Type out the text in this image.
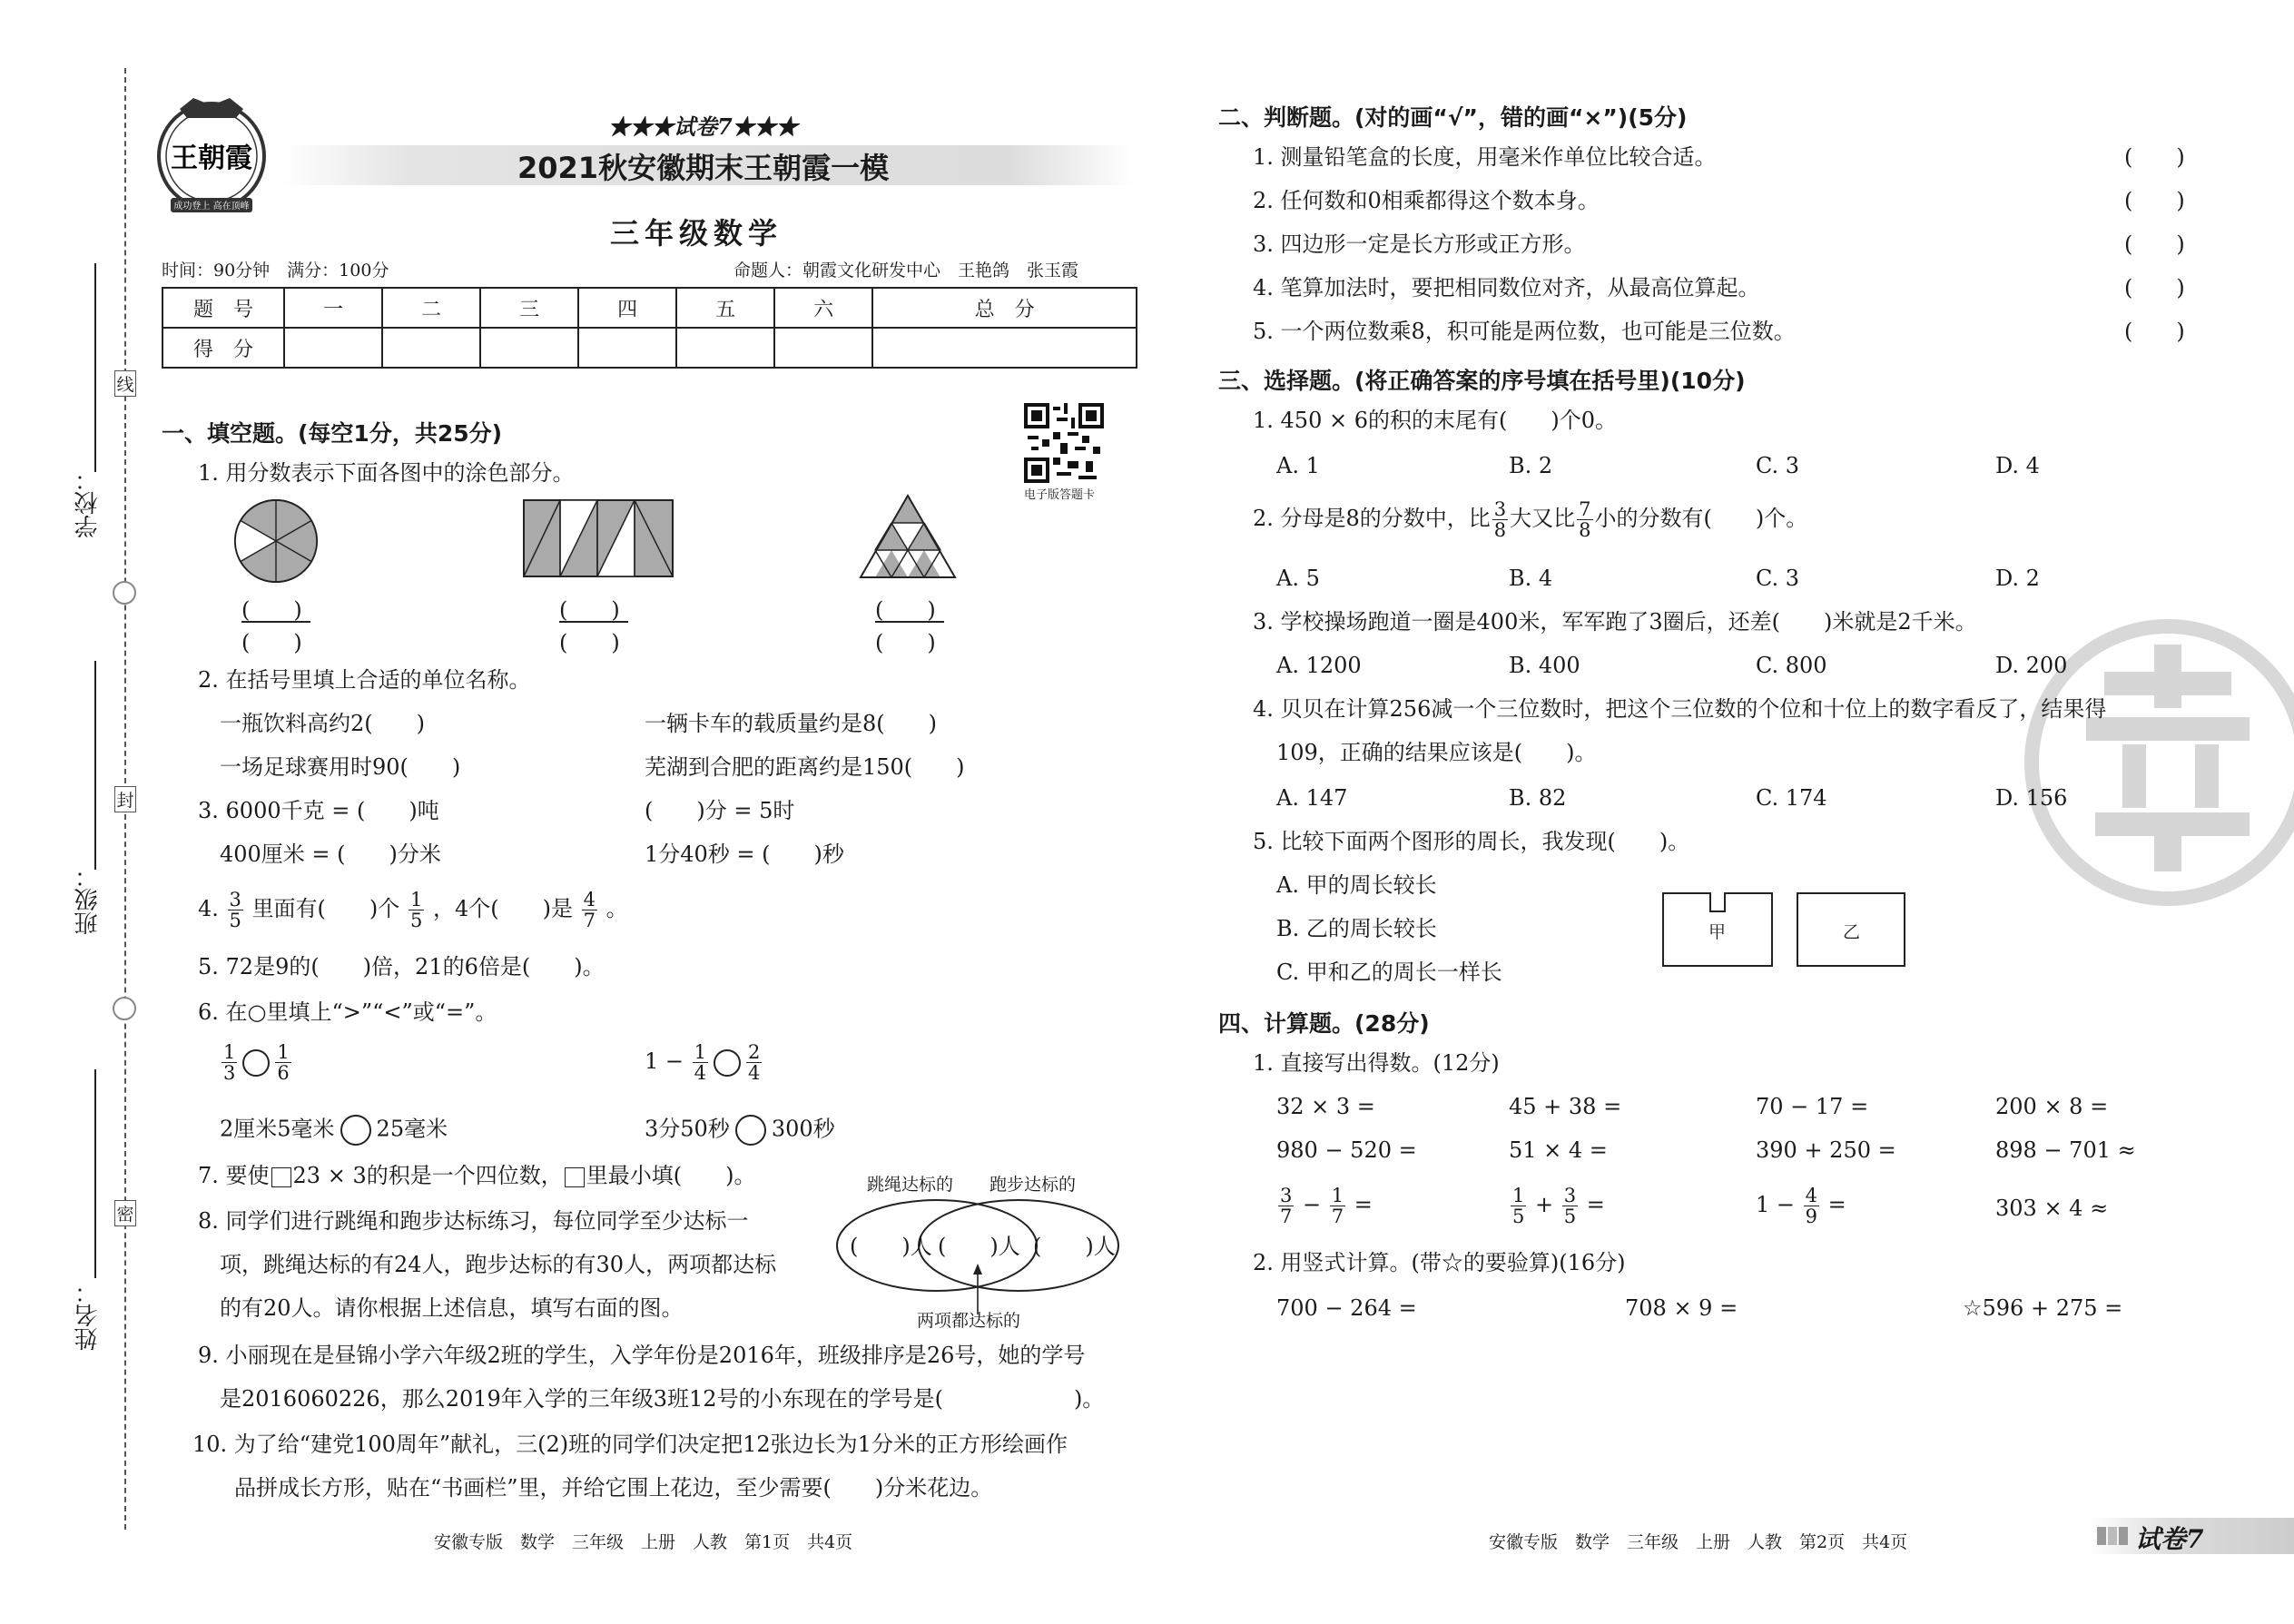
学校：
班级：
姓名：
线
封
密
王朝霞
成功登上 高在顶峰
★★★试卷7★★★
2021秋安徽期末王朝霞一模
三年级数学
时间：90分钟　满分：100分	命题人：朝霞文化研发中心　王艳鸽　张玉霞
题　号	一	二	三	四	五	六	总　分
得　分							
电子版答题卡
一、填空题。(每空1分，共25分)
1. 用分数表示下面各图中的涂色部分。
(　　)
(　　)
(　　)
(　　)
(　　)
(　　)
2. 在括号里填上合适的单位名称。
一瓶饮料高约2(　　)	一辆卡车的载质量约是8(　　)
一场足球赛用时90(　　)	芜湖到合肥的距离约是150(　　)
3. 6000千克 = (　　)吨	(　　)分 = 5时
400厘米 = (　　)分米	1分40秒 = (　　)秒
4. $\frac{3}{5}$ 里面有(　　)个 $\frac{1}{5}$ ，4个(　　)是 $\frac{4}{7}$ 。
5. 72是9的(　　)倍，21的6倍是(　　)。
6. 在○里填上“>”“<”或“=”。
$\frac{1}{3} \frac{1}{6}$	$1 - \frac{1}{4} \frac{2}{4}$
2厘米5毫米 25毫米	3分50秒 300秒
7. 要使 23 × 3的积是一个四位数， 里最小填(　　)。
8. 同学们进行跳绳和跑步达标练习，每位同学至少达标一
项，跳绳达标的有24人，跑步达标的有30人，两项都达标
的有20人。请你根据上述信息，填写右面的图。
跳绳达标的 跑步达标的
(　　)人 (　　)人 (　　)人
两项都达标的
9. 小丽现在是昼锦小学六年级2班的学生，入学年份是2016年，班级排序是26号，她的学号
是2016060226，那么2019年入学的三年级3班12号的小东现在的学号是(　　　　　　)。
10. 为了给“建党100周年”献礼，三(2)班的同学们决定把12张边长为1分米的正方形绘画作
品拼成长方形，贴在“书画栏”里，并给它围上花边，至少需要(　　)分米花边。
安徽专版　数学　三年级　上册　人教　第1页　共4页
二、判断题。(对的画“√”，错的画“×”)(5分)
1. 测量铅笔盒的长度，用毫米作单位比较合适。	(　　)
2. 任何数和0相乘都得这个数本身。	(　　)
3. 四边形一定是长方形或正方形。	(　　)
4. 笔算加法时，要把相同数位对齐，从最高位算起。	(　　)
5. 一个两位数乘8，积可能是两位数，也可能是三位数。	(　　)
三、选择题。(将正确答案的序号填在括号里)(10分)
1. 450 × 6的积的末尾有(　　)个0。
A. 1	B. 2	C. 3	D. 4
2. 分母是8的分数中，比 $\frac{3}{8}$ 大又比 $\frac{7}{8}$ 小的分数有(　　)个。
A. 5	B. 4	C. 3	D. 2
3. 学校操场跑道一圈是400米，军军跑了3圈后，还差(　　)米就是2千米。
A. 1200	B. 400	C. 800	D. 200
4. 贝贝在计算256减一个三位数时，把这个三位数的个位和十位上的数字看反了，结果得
109，正确的结果应该是(　　)。
A. 147	B. 82	C. 174	D. 156
5. 比较下面两个图形的周长，我发现(　　)。
A. 甲的周长较长
B. 乙的周长较长
C. 甲和乙的周长一样长
甲	乙
四、计算题。(28分)
1. 直接写出得数。(12分)
32 × 3 =	45 + 38 =	70 − 17 =	200 × 8 =
980 − 520 =	51 × 4 =	390 + 250 =	898 − 701 ≈
$\frac{3}{7} - \frac{1}{7}$ =	$\frac{1}{5} + \frac{3}{5}$ =	$1 - \frac{4}{9}$ =	303 × 4 ≈
2. 用竖式计算。(带☆的要验算)(16分)
700 − 264 =	708 × 9 =	☆596 + 275 =
安徽专版　数学　三年级　上册　人教　第2页　共4页	试卷7
